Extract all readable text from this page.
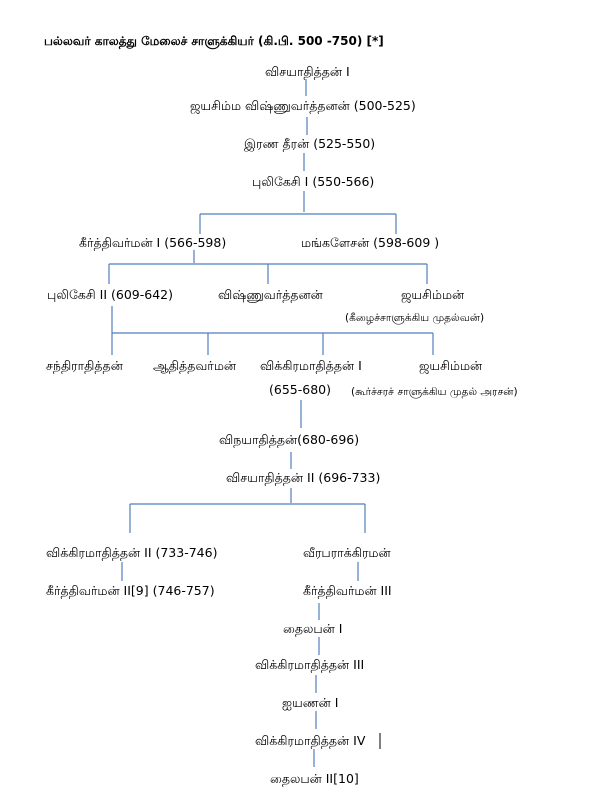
பல்லவர் காலத்து மேலைச் சாளுக்கியர் (கி.பி. 500 -750) [*]
விசயாதித்தன் I
ஜயசிம்ம விஷ்ணுவர்த்தனன் (500-525)
இரண தீரன் (525-550)
புலிகேசி I (550-566)
கீர்த்திவர்மன் I (566-598)	மங்களேசன் (598-609 )
புலிகேசி II (609-642)	விஷ்ணுவர்த்தனன்	ஜயசிம்மன்
(கீழைச்சாளுக்கிய முதல்வன்)
சந்திராதித்தன் ஆதித்தவர்மன் விக்கிரமாதித்தன் I	ஜயசிம்மன்
(655-680) (கூர்ச்சரச் சாளுக்கிய முதல் அரசன்)
விநயாதித்தன்(680-696)
விசயாதித்தன் II (696-733)
விக்கிரமாதித்தன் II (733-746)	வீரபராக்கிரமன்
கீர்த்திவர்மன் II[9] (746-757)	கீர்த்திவர்மன் III
தைலபன் I
விக்கிரமாதித்தன் III
ஐயணன் I
விக்கிரமாதித்தன் IV
தைலபன் II[10]
